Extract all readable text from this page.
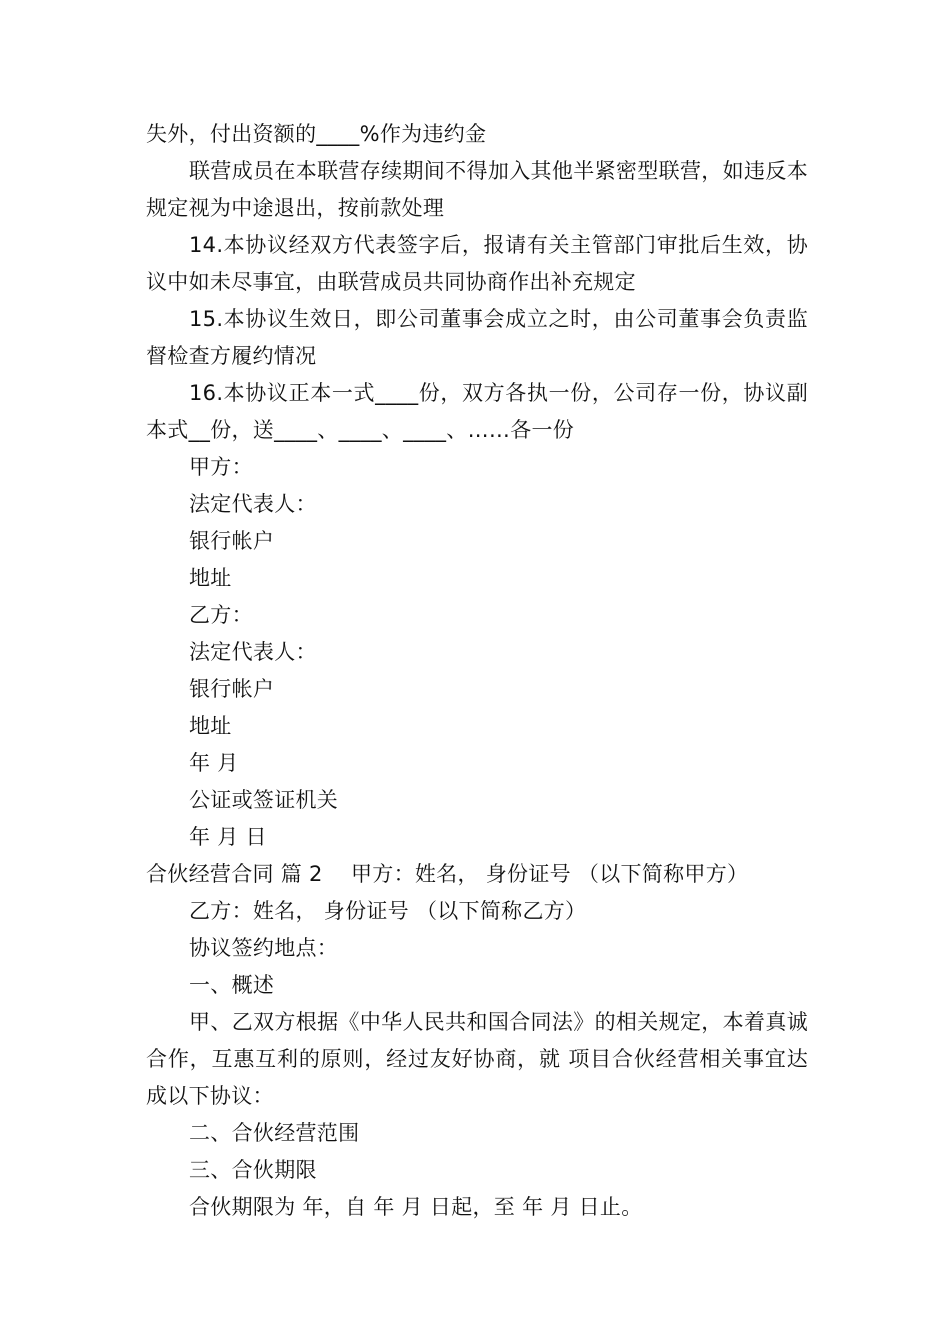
失外，付出资额的____%作为违约金

联营成员在本联营存续期间不得加入其他半紧密型联营，如违反本规定视为中途退出，按前款处理

14.本协议经双方代表签字后，报请有关主管部门审批后生效，协议中如未尽事宜，由联营成员共同协商作出补充规定

15.本协议生效日，即公司董事会成立之时，由公司董事会负责监督检查方履约情况

16.本协议正本一式____份，双方各执一份，公司存一份，协议副本式__份，送____、____、____、……各一份

甲方：

法定代表人：

银行帐户

地址

乙方：

法定代表人：

银行帐户

地址

年 月

公证或签证机关

年 月 日

合伙经营合同 篇 2　 甲方：姓名， 身份证号 （以下简称甲方）

乙方：姓名， 身份证号 （以下简称乙方）

协议签约地点：

一、概述

甲、乙双方根据《中华人民共和国合同法》的相关规定，本着真诚合作，互惠互利的原则，经过友好协商，就 项目合伙经营相关事宜达成以下协议：

二、合伙经营范围

三、合伙期限

合伙期限为 年，自 年 月 日起，至 年 月 日止。
